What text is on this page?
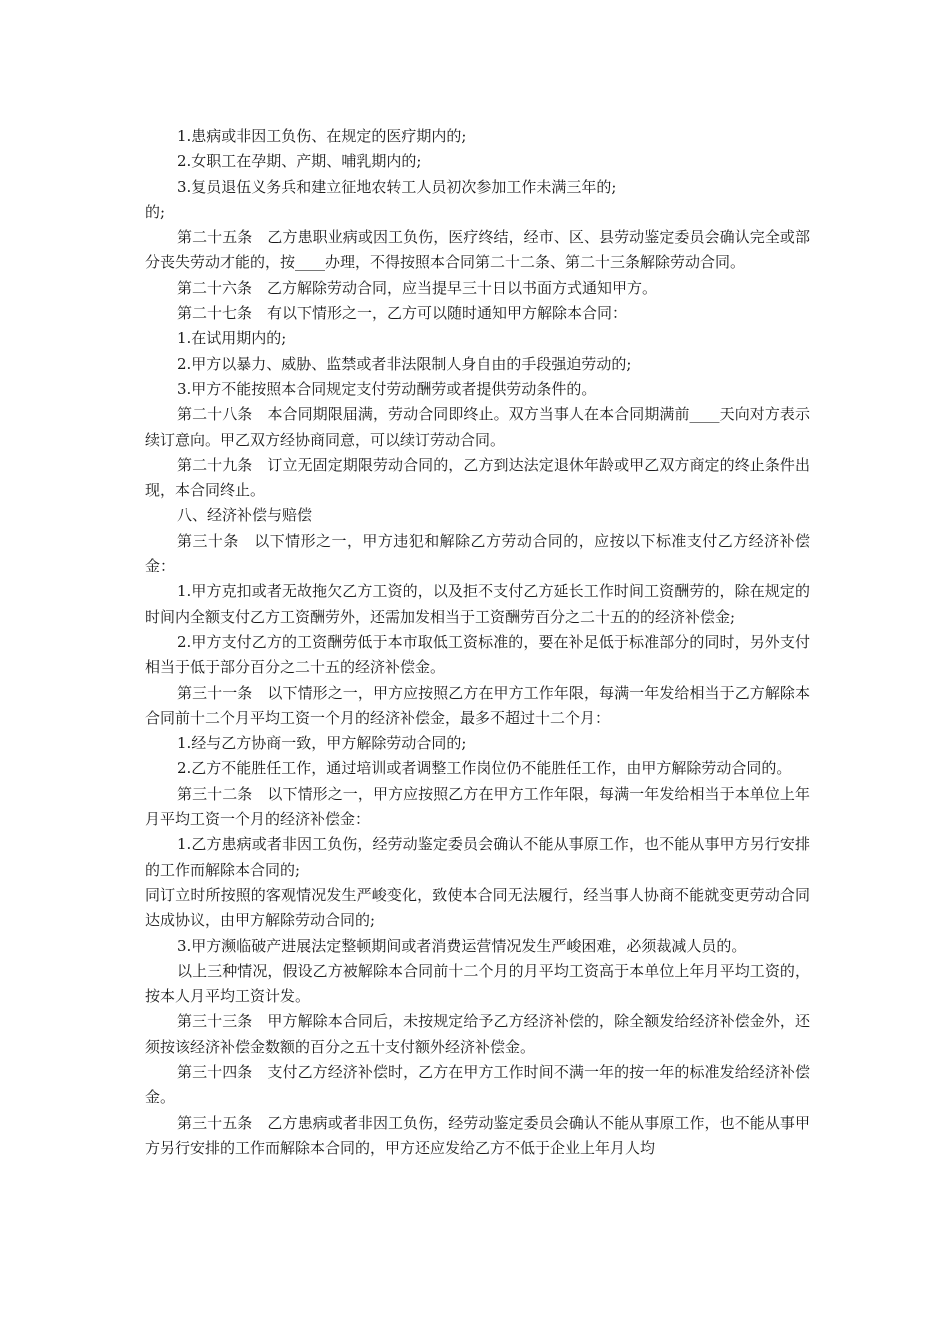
1.患病或非因工负伤、在规定的医疗期内的;

2.女职工在孕期、产期、哺乳期内的;

3.复员退伍义务兵和建立征地农转工人员初次参加工作未满三年的;

的;

第二十五条　乙方患职业病或因工负伤，医疗终结，经市、区、县劳动鉴定委员会确认完全或部分丧失劳动才能的，按____办理，不得按照本合同第二十二条、第二十三条解除劳动合同。

第二十六条　乙方解除劳动合同，应当提早三十日以书面方式通知甲方。

第二十七条　有以下情形之一，乙方可以随时通知甲方解除本合同：

1.在试用期内的;

2.甲方以暴力、威胁、监禁或者非法限制人身自由的手段强迫劳动的;

3.甲方不能按照本合同规定支付劳动酬劳或者提供劳动条件的。

第二十八条　本合同期限届满，劳动合同即终止。双方当事人在本合同期满前____天向对方表示续订意向。甲乙双方经协商同意，可以续订劳动合同。

第二十九条　订立无固定期限劳动合同的，乙方到达法定退休年龄或甲乙双方商定的终止条件出现，本合同终止。

八、经济补偿与赔偿

第三十条　以下情形之一，甲方违犯和解除乙方劳动合同的，应按以下标准支付乙方经济补偿金：

1.甲方克扣或者无故拖欠乙方工资的，以及拒不支付乙方延长工作时间工资酬劳的，除在规定的时间内全额支付乙方工资酬劳外，还需加发相当于工资酬劳百分之二十五的的经济补偿金;

2.甲方支付乙方的工资酬劳低于本市取低工资标准的，要在补足低于标准部分的同时，另外支付相当于低于部分百分之二十五的经济补偿金。

第三十一条　以下情形之一，甲方应按照乙方在甲方工作年限，每满一年发给相当于乙方解除本合同前十二个月平均工资一个月的经济补偿金，最多不超过十二个月：

1.经与乙方协商一致，甲方解除劳动合同的;

2.乙方不能胜任工作，通过培训或者调整工作岗位仍不能胜任工作，由甲方解除劳动合同的。

第三十二条　以下情形之一，甲方应按照乙方在甲方工作年限，每满一年发给相当于本单位上年月平均工资一个月的经济补偿金：

1.乙方患病或者非因工负伤，经劳动鉴定委员会确认不能从事原工作，也不能从事甲方另行安排的工作而解除本合同的;

同订立时所按照的客观情况发生严峻变化，致使本合同无法履行，经当事人协商不能就变更劳动合同达成协议，由甲方解除劳动合同的;

3.甲方濒临破产进展法定整顿期间或者消费运营情况发生严峻困难，必须裁减人员的。

以上三种情况，假设乙方被解除本合同前十二个月的月平均工资高于本单位上年月平均工资的，按本人月平均工资计发。

第三十三条　甲方解除本合同后，未按规定给予乙方经济补偿的，除全额发给经济补偿金外，还须按该经济补偿金数额的百分之五十支付额外经济补偿金。

第三十四条　支付乙方经济补偿时，乙方在甲方工作时间不满一年的按一年的标准发给经济补偿金。

第三十五条　乙方患病或者非因工负伤，经劳动鉴定委员会确认不能从事原工作，也不能从事甲方另行安排的工作而解除本合同的，甲方还应发给乙方不低于企业上年月人均
